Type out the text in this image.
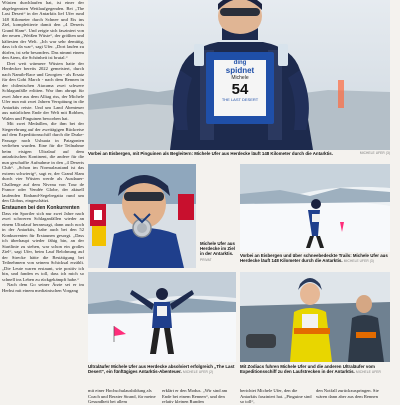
Wüsten durchlaufen hat, ist einer der abgelegensten Wettlaufgegenden. Bei „The Last Desert“ in der Antarktis lief Ufer rund 148 Kilometer durch Schnee und Eis ins Ziel, komplettierte damit den „4 Deserts Grand Slam“. Und zeigte sich fasziniert von der neuen „Weißen Wüste“, der größten und kältesten der Welt. „Ich war sehr demütig, dass ich da war“, sagt Ufer. „Dort laufen zu dürfen, ist sehr besonders. Das nimmt einem den Atem, die Schönheit ist brutal.“

Drei weit wärmere Wüsten hatte der Herdecker bereits 2022 gemeistert, durch nach Namib-Race und Georgien - als Ersatz für den Gobi March - nach dem Rennen in der chilenischen Atacama zwei schwere Schlagunfälle erlitten. War ihm abrupt für zwei Jahre aus dem Alltag riss, der Michele Ufer nun mit zwei Jahren Verspätung in die Antarktis reiste. Und um Land Abenteuer aus natürlichen Ende der Welt mit Robben, Walen und Pinguinen beworben hat.

Mit zwei Medaillen, die ihm bei der Siegerehrung auf der zweitägigen Rückreise auf dem Expeditionsschiff durch die Drake-Passage nach Ushuaia in Patagonien verliehen wurden. Eine für die Teilnahme beim eisigen Ultralauf auf dem antarktischen Kontinent, die andere für die nun geschaffte Aufnahme in den „4 Deserts Club“. „Schon im Normalzustand ist das extrem schwierig“, sagt er, der Grand Slam durch vier Wüsten werde als Ausdauer-Challenge auf dem Niveau von Tour de France oder Vendée Globe, der aktuell laufenden Einhand-Segelregatta rund um den Globus, eingeschätzt.

Erstaunen bei den Konkurrenten

Dass ein Sportler sich nur zwei Jahre nach zwei schweren Schlaganfällen wieder an einem Ultralauf heranwagt, dann auch noch in der Antarktis, habe auch bei den 52 Konkurrenten für Erstaunen gesorgt. „Dass ich überhaupt wieder fähig bin, an der Startlinie zu stehen, war schon ein großes Ziel“, sagt Ufer, beim Lauf Belohnung auf der Strecke hätte die Bestätigung bei Teilnehmern von seinem Schicksal erzählt. „Die Leute waren erstaunt, wie positiv ich bin, und fanden es toll, dass ich mich so schnell ins Leben zu rückgekämpft habe.“

Nach dem Go seiner Ärzte sei er im Herbst mit einem medizinischen Vorgang

ding
spidnet
Michele
54
THE LAST DESERT
Vorbei an Eisbergen, mit Pinguinen als Begleitern: Michele Ufer aus Herdecke läuft 148 Kilometer durch die Antarktis.	MICHELE UFER (3)
Michele Ufer aus Herdecke im Ziel in der Antarktis. PRIVAT
Vorbei an Eisbergen und über schneebedeckte Trails: Michele Ufer aus Herdecke läuft 148 Kilometer durch die Antarktis. MICHELE UFER (3)
Ultraläufer Michele Ufer aus Herdecke absolviert erfolgreich „The Last Desert“, ein fünftägiges Antarktis-Abenteuer. MICHELE UFER (2)
Mit Zodiacs fuhren Michele Ufer und die anderen Ultraläufer vom Expeditionsschiff zu den Laufstrecken in der Antarktis. MICHELE UFER
mit einer Hochschulausbildung als Coach und Berater Strand, für meine Gesundheit bei allem
erklärt er den Modus. „Wir sind am Ende bei einem Rennen“, und den relativ kleinen Runden
berichtet Michele Ufer, den die Antarktis fasziniert hat. „Pinguine sind so toll“,
den Notfall zurückzuspringen. Sie wären dann aber aus dem Rennen
